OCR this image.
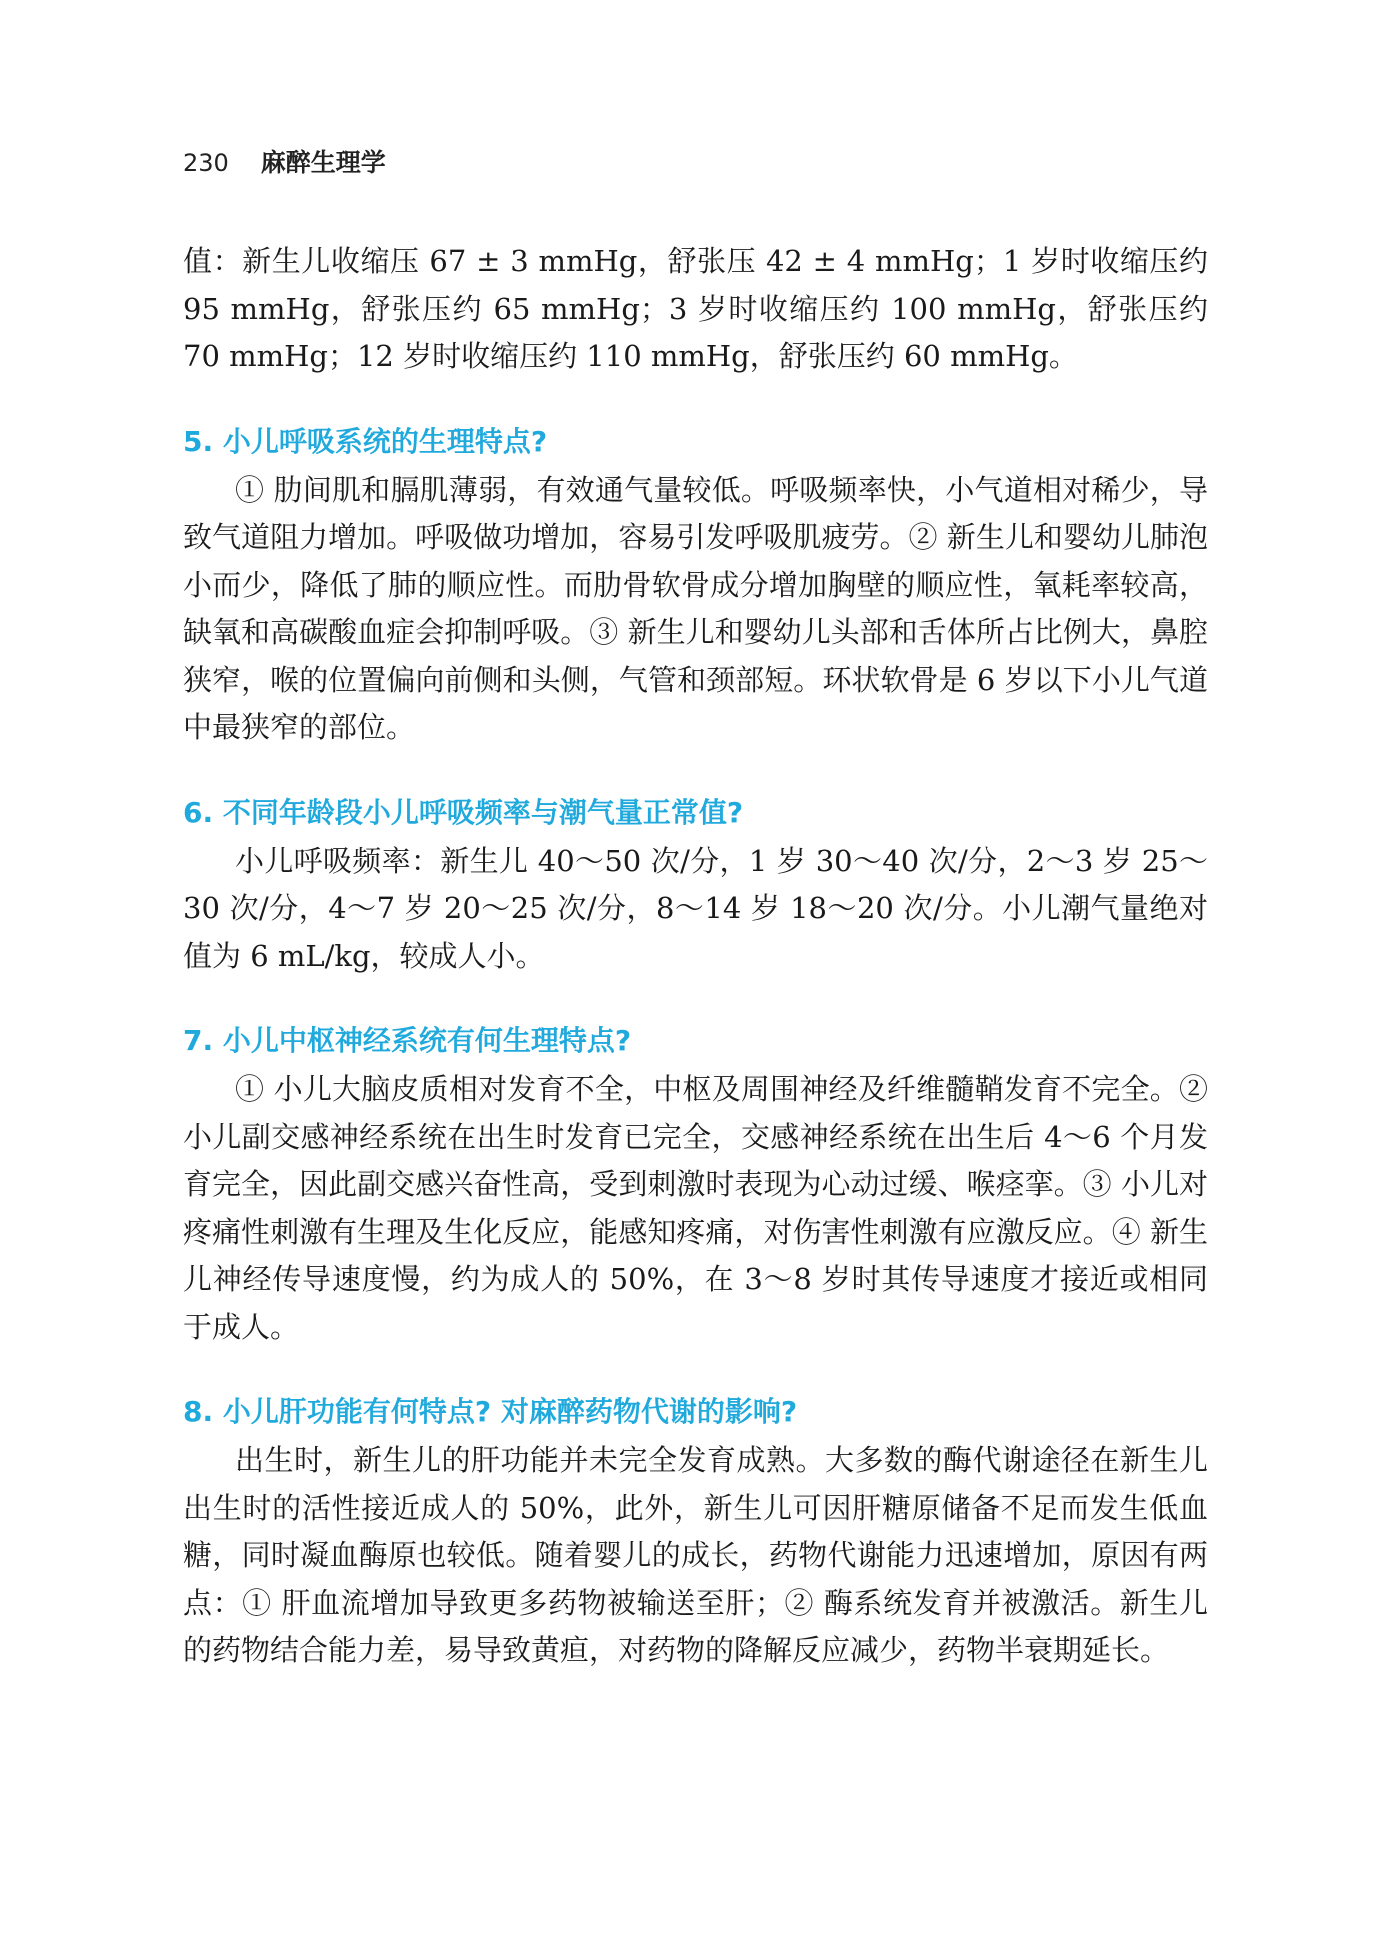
230 麻醉生理学

值：新生儿收缩压 67 ± 3 mmHg，舒张压 42 ± 4 mmHg；1 岁时收缩压约 95 mmHg，舒张压约 65 mmHg；3 岁时收缩压约 100 mmHg，舒张压约 70 mmHg；12 岁时收缩压约 110 mmHg，舒张压约 60 mmHg。

5. 小儿呼吸系统的生理特点?

① 肋间肌和膈肌薄弱，有效通气量较低。呼吸频率快，小气道相对稀少，导致气道阻力增加。呼吸做功增加，容易引发呼吸肌疲劳。② 新生儿和婴幼儿肺泡小而少，降低了肺的顺应性。而肋骨软骨成分增加胸壁的顺应性，氧耗率较高，缺氧和高碳酸血症会抑制呼吸。③ 新生儿和婴幼儿头部和舌体所占比例大，鼻腔狭窄，喉的位置偏向前侧和头侧，气管和颈部短。环状软骨是 6 岁以下小儿气道中最狭窄的部位。

6. 不同年龄段小儿呼吸频率与潮气量正常值?

小儿呼吸频率：新生儿 40～50 次/分，1 岁 30～40 次/分，2～3 岁 25～30 次/分，4～7 岁 20～25 次/分，8～14 岁 18～20 次/分。小儿潮气量绝对值为 6 mL/kg，较成人小。

7. 小儿中枢神经系统有何生理特点?

① 小儿大脑皮质相对发育不全，中枢及周围神经及纤维髓鞘发育不完全。② 小儿副交感神经系统在出生时发育已完全，交感神经系统在出生后 4～6 个月发育完全，因此副交感兴奋性高，受到刺激时表现为心动过缓、喉痉挛。③ 小儿对疼痛性刺激有生理及生化反应，能感知疼痛，对伤害性刺激有应激反应。④ 新生儿神经传导速度慢，约为成人的 50%，在 3～8 岁时其传导速度才接近或相同于成人。

8. 小儿肝功能有何特点? 对麻醉药物代谢的影响?

出生时，新生儿的肝功能并未完全发育成熟。大多数的酶代谢途径在新生儿出生时的活性接近成人的 50%，此外，新生儿可因肝糖原储备不足而发生低血糖，同时凝血酶原也较低。随着婴儿的成长，药物代谢能力迅速增加，原因有两点：① 肝血流增加导致更多药物被输送至肝；② 酶系统发育并被激活。新生儿的药物结合能力差，易导致黄疸，对药物的降解反应减少，药物半衰期延长。
